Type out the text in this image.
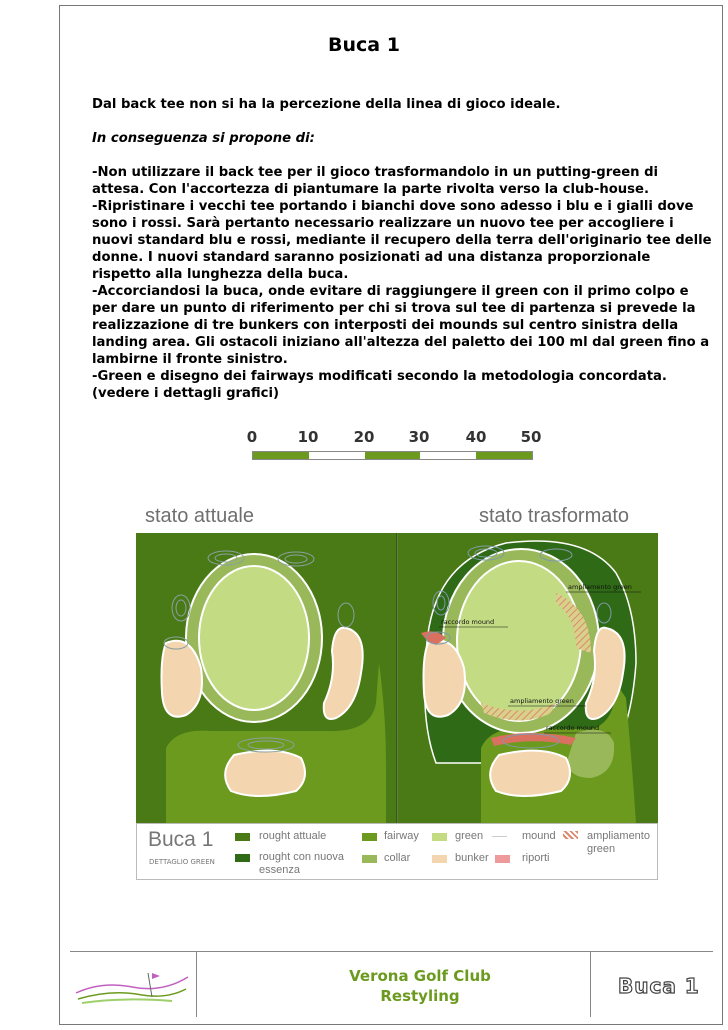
Buca 1

Dal back tee non si ha la percezione della linea di gioco ideale.

In conseguenza si propone di:

-Non utilizzare il back tee per il gioco trasformandolo in un putting-green di attesa. Con l'accortezza di piantumare la parte rivolta verso la club-house.
-Ripristinare i vecchi tee portando i bianchi dove sono adesso i blu e i gialli dove sono i rossi. Sarà pertanto necessario realizzare un nuovo tee per accogliere i nuovi standard blu e rossi, mediante il recupero della terra dell'originario tee delle donne. I nuovi standard saranno posizionati ad una distanza proporzionale rispetto alla lunghezza della buca.
-Accorciandosi la buca, onde evitare di raggiungere il green con il primo colpo e per dare un punto di riferimento per chi si trova sul tee di partenza si prevede la realizzazione di tre bunkers con interposti dei mounds sul centro sinistra della landing area. Gli ostacoli iniziano all'altezza del paletto dei 100 ml dal green fino a lambirne il fronte sinistro.
-Green e disegno dei fairways modificati secondo la metodologia concordata. (vedere i dettagli grafici)
0	10 20 30 40 50
stato attuale	stato trasformato
ampliamento green
raccordo mound
ampliamento green
raccordo mound
Buca 1
DETTAGLIO GREEN
rought attuale
rought con nuova essenza
fairway
collar
green
bunker
mound
riporti
ampliamento green
Verona Golf Club
Restyling	Buca 1
